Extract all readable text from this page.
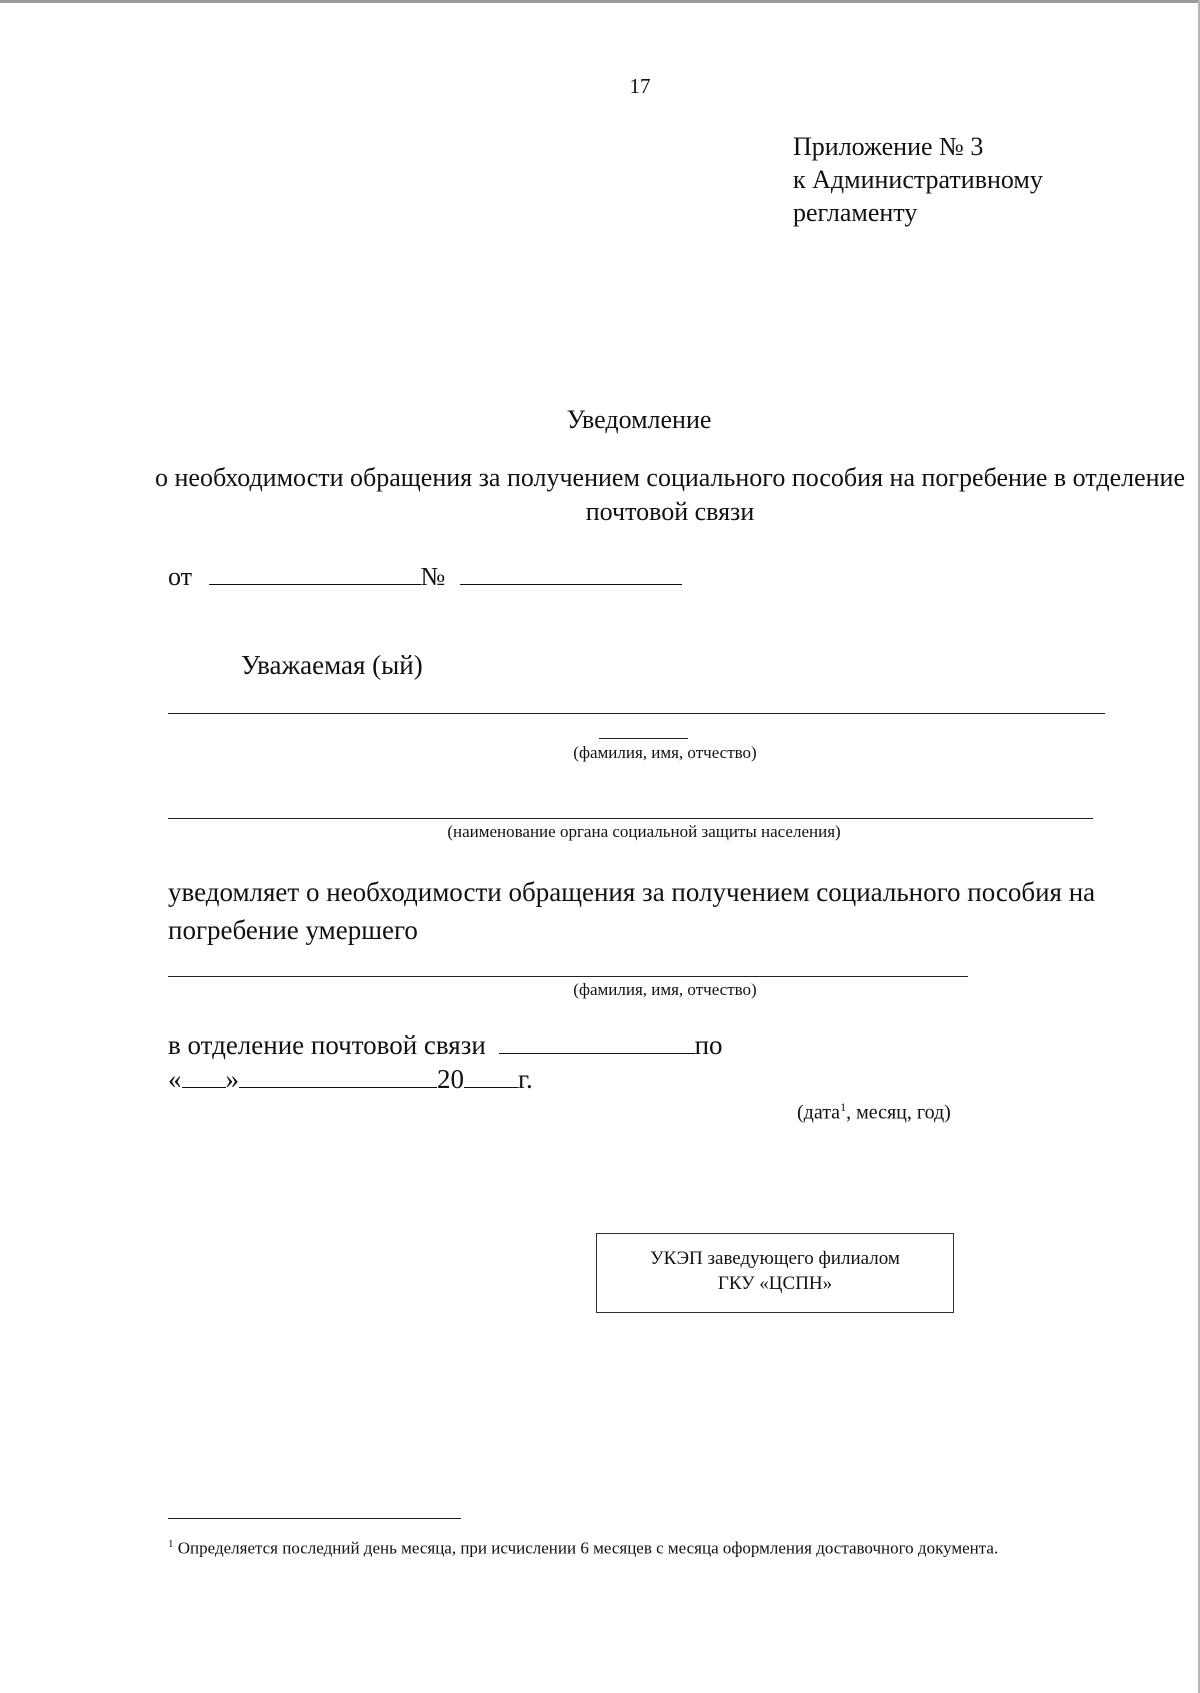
17
Приложение № 3
к Административному
регламенту
Уведомление
о необходимости обращения за получением социального пособия на погребение в отделение почтовой связи
от	№
Уважаемая (ый)
(фамилия, имя, отчество)
(наименование органа социальной защиты населения)
уведомляет о необходимости обращения за получением социального пособия на погребение умершего
(фамилия, имя, отчество)
в отделение почтовой связи	по
« »	20 г.
(дата$^1$, месяц, год)
УКЭП заведующего филиалом
ГКУ «ЦСПН»
$^1$ Определяется последний день месяца, при исчислении 6 месяцев с месяца оформления доставочного документа.
